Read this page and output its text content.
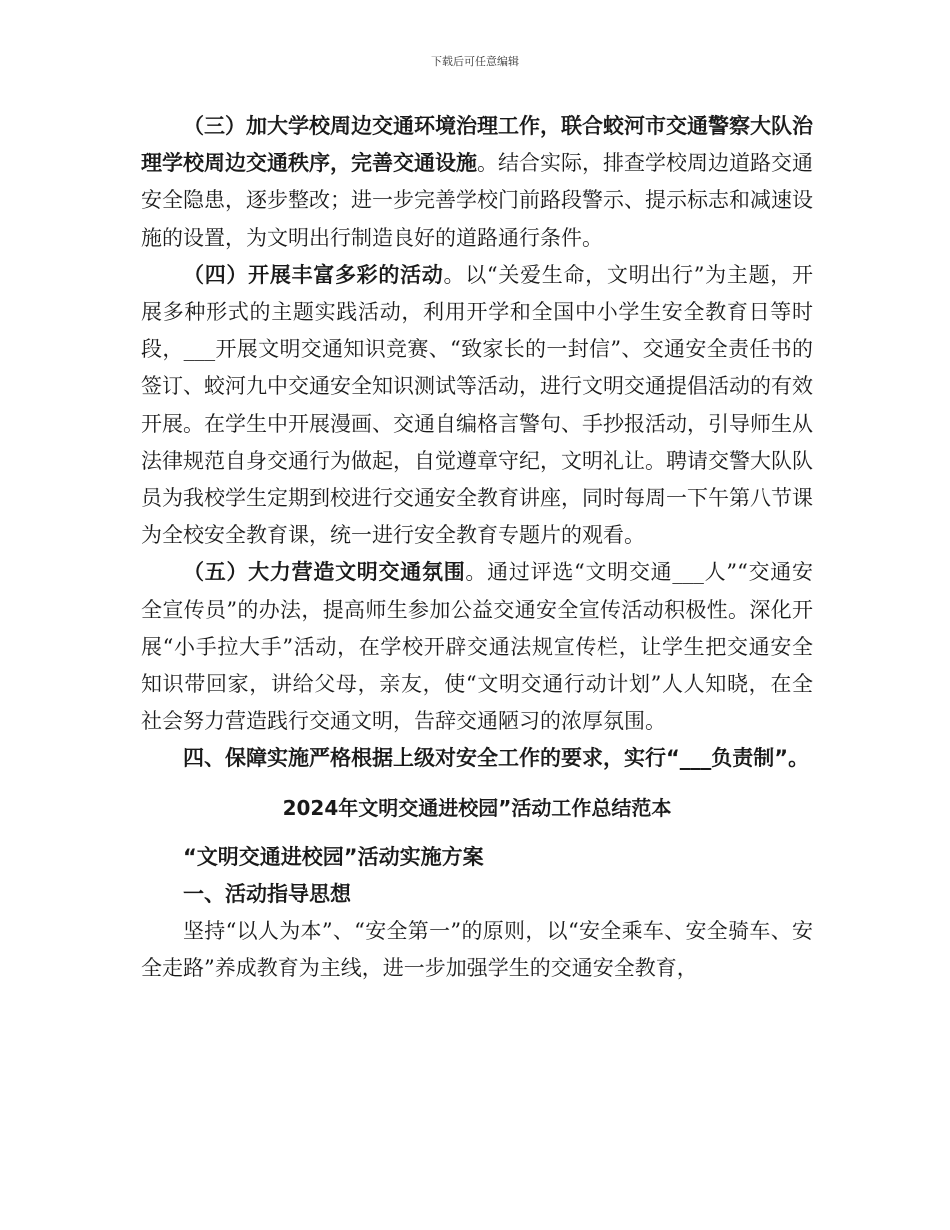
下载后可任意编辑

（三）加大学校周边交通环境治理工作，联合蛟河市交通警察大队治理学校周边交通秩序，完善交通设施。结合实际，排查学校周边道路交通安全隐患，逐步整改；进一步完善学校门前路段警示、提示标志和减速设施的设置，为文明出行制造良好的道路通行条件。

（四）开展丰富多彩的活动。以“关爱生命，文明出行”为主题，开展多种形式的主题实践活动，利用开学和全国中小学生安全教育日等时段，___开展文明交通知识竞赛、“致家长的一封信”、交通安全责任书的签订、蛟河九中交通安全知识测试等活动，进行文明交通提倡活动的有效开展。在学生中开展漫画、交通自编格言警句、手抄报活动，引导师生从法律规范自身交通行为做起，自觉遵章守纪，文明礼让。聘请交警大队队员为我校学生定期到校进行交通安全教育讲座，同时每周一下午第八节课为全校安全教育课，统一进行安全教育专题片的观看。

（五）大力营造文明交通氛围。通过评选“文明交通___人”“交通安全宣传员”的办法，提高师生参加公益交通安全宣传活动积极性。深化开展“小手拉大手”活动，在学校开辟交通法规宣传栏，让学生把交通安全知识带回家，讲给父母，亲友，使“文明交通行动计划”人人知晓，在全社会努力营造践行交通文明，告辞交通陋习的浓厚氛围。

四、保障实施严格根据上级对安全工作的要求，实行“___负责制”。

2024年文明交通进校园”活动工作总结范本

“文明交通进校园”活动实施方案

一、活动指导思想

坚持“以人为本”、“安全第一”的原则，以“安全乘车、安全骑车、安全走路”养成教育为主线，进一步加强学生的交通安全教育，
